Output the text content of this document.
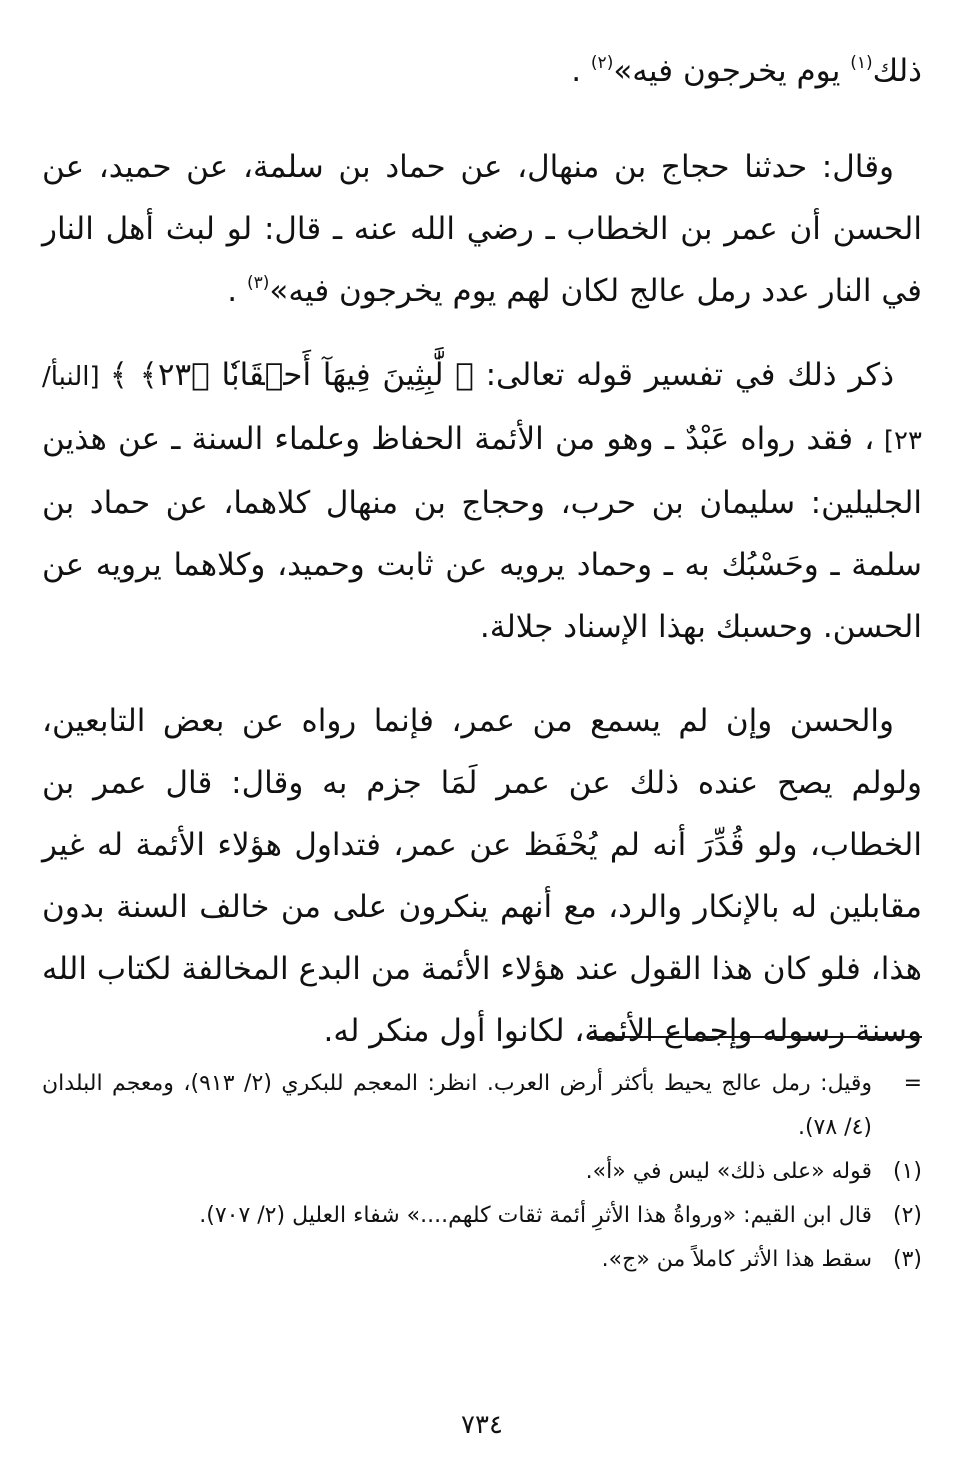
ذلك$^{(١)}$ يوم يخرجون فيه»$^{(٢)}$ .

وقال: حدثنا حجاج بن منهال، عن حماد بن سلمة، عن حميد، عن الحسن أن عمر بن الخطاب ـ رضي الله عنه ـ قال: لو لبث أهل النار في النار عدد رمل عالج لكان لهم يوم يخرجون فيه»$^{(٣)}$ .

ذكر ذلك في تفسير قوله تعالى: ﴿ لَّٰبِثِينَ فِيهَآ أَحۡقَابٗا ﴿٢٣﴾ ﴾ [النبأ/ ٢٣] ، فقد رواه عَبْدٌ ـ وهو من الأئمة الحفاظ وعلماء السنة ـ عن هذين الجليلين: سليمان بن حرب، وحجاج بن منهال كلاهما، عن حماد بن سلمة ـ وحَسْبُك به ـ وحماد يرويه عن ثابت وحميد، وكلاهما يرويه عن الحسن. وحسبك بهذا الإسناد جلالة.

والحسن وإن لم يسمع من عمر، فإنما رواه عن بعض التابعين، ولولم يصح عنده ذلك عن عمر لَمَا جزم به وقال: قال عمر بن الخطاب، ولو قُدِّرَ أنه لم يُحْفَظ عن عمر، فتداول هؤلاء الأئمة له غير مقابلين له بالإنكار والرد، مع أنهم ينكرون على من خالف السنة بدون هذا، فلو كان هذا القول عند هؤلاء الأئمة من البدع المخالفة لكتاب الله وسنة رسوله وإجماع الأئمة، لكانوا أول منكر له.

=
وقيل: رمل عالج يحيط بأكثر أرض العرب. انظر: المعجم للبكري (٢/ ٩١٣)، ومعجم البلدان (٤/ ٧٨).
(١)
قوله «على ذلك» ليس في «أ».
(٢)
قال ابن القيم: «ورواةُ هذا الأثرِ أئمة ثقات كلهم....» شفاء العليل (٢/ ٧٠٧).
(٣)
سقط هذا الأثر كاملاً من «ج».
٧٣٤
